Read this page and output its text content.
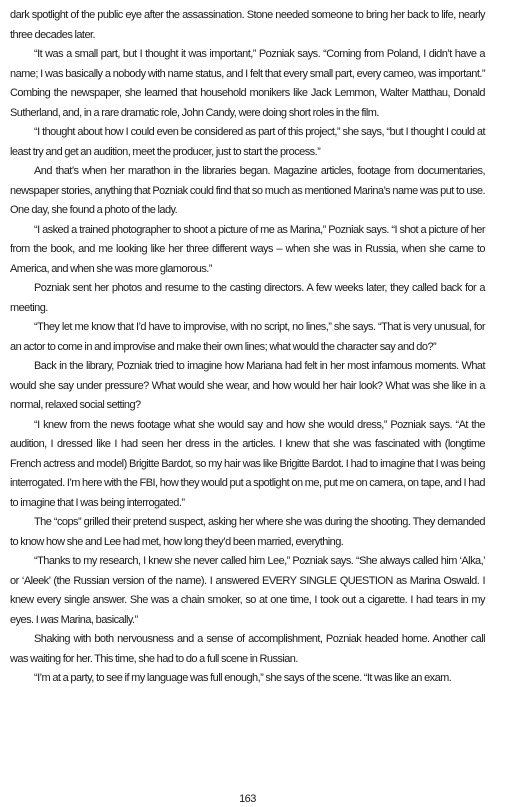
dark spotlight of the public eye after the assassination. Stone needed someone to bring her back to life, nearly three decades later.

“It was a small part, but I thought it was important,” Pozniak says. “Coming from Poland, I didn’t have a name; I was basically a nobody with name status, and I felt that every small part, every cameo, was important.” Combing the newspaper, she learned that household monikers like Jack Lemmon, Walter Matthau, Donald Sutherland, and, in a rare dramatic role, John Candy, were doing short roles in the film.

“I thought about how I could even be considered as part of this project,” she says, “but I thought I could at least try and get an audition, meet the producer, just to start the process.”

And that’s when her marathon in the libraries began. Magazine articles, footage from documentaries, newspaper stories, anything that Pozniak could find that so much as mentioned Marina’s name was put to use. One day, she found a photo of the lady.

“I asked a trained photographer to shoot a picture of me as Marina,” Pozniak says. “I shot a picture of her from the book, and me looking like her three different ways – when she was in Russia, when she came to America, and when she was more glamorous.”

Pozniak sent her photos and resume to the casting directors. A few weeks later, they called back for a meeting.

“They let me know that I’d have to improvise, with no script, no lines,” she says. “That is very unusual, for an actor to come in and improvise and make their own lines; what would the character say and do?”

Back in the library, Pozniak tried to imagine how Mariana had felt in her most infamous moments. What would she say under pressure? What would she wear, and how would her hair look? What was she like in a normal, relaxed social setting?

“I knew from the news footage what she would say and how she would dress,” Pozniak says. “At the audition, I dressed like I had seen her dress in the articles. I knew that she was fascinated with (longtime French actress and model) Brigitte Bardot, so my hair was like Brigitte Bardot. I had to imagine that I was being interrogated. I’m here with the FBI, how they would put a spotlight on me, put me on camera, on tape, and I had to imagine that I was being interrogated.”

The “cops” grilled their pretend suspect, asking her where she was during the shooting. They demanded to know how she and Lee had met, how long they’d been married, everything.

“Thanks to my research, I knew she never called him Lee,” Pozniak says. “She always called him ‘Alka,’ or ‘Aleek’ (the Russian version of the name). I answered EVERY SINGLE QUESTION as Marina Oswald. I knew every single answer. She was a chain smoker, so at one time, I took out a cigarette. I had tears in my eyes. I was Marina, basically.”

Shaking with both nervousness and a sense of accomplishment, Pozniak headed home. Another call was waiting for her. This time, she had to do a full scene in Russian.

“I’m at a party, to see if my language was full enough,” she says of the scene. “It was like an exam.

163
